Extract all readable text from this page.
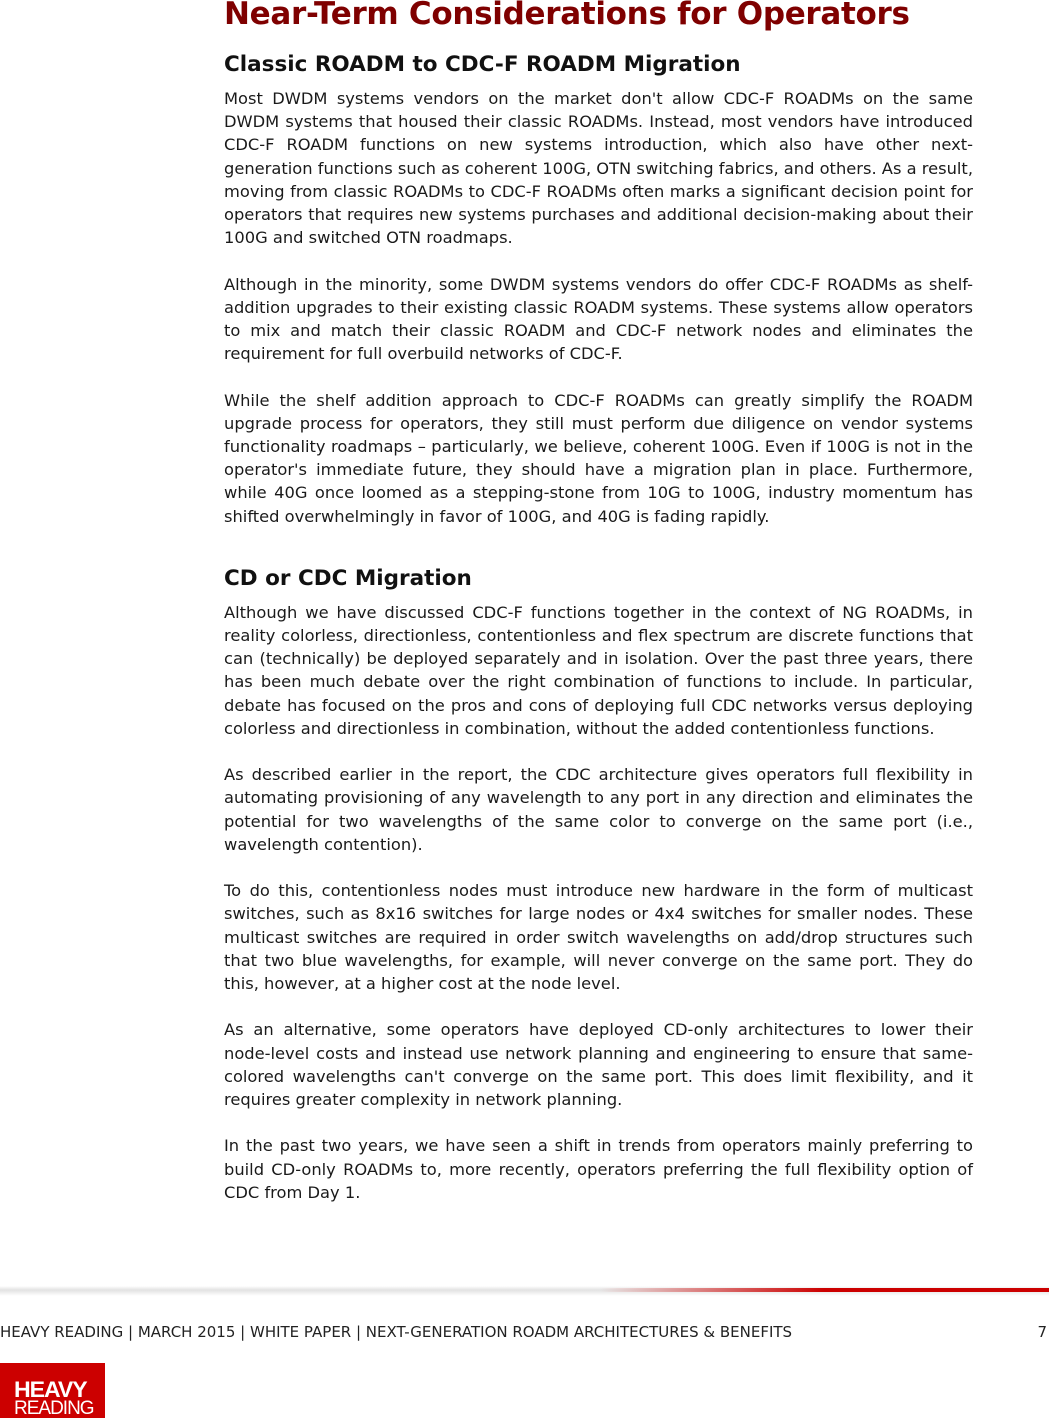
Near-Term Considerations for Operators
Classic ROADM to CDC-F ROADM Migration

Most DWDM systems vendors on the market don't allow CDC-F ROADMs on the same DWDM systems that housed their classic ROADMs. Instead, most vendors have introduced CDC-F ROADM functions on new systems introduction, which also have other next-generation functions such as coherent 100G, OTN switching fabrics, and others. As a result, moving from classic ROADMs to CDC-F ROADMs often marks a significant decision point for operators that requires new systems purchases and additional decision-making about their 100G and switched OTN roadmaps.

Although in the minority, some DWDM systems vendors do offer CDC-F ROADMs as shelf-addition upgrades to their existing classic ROADM systems. These systems allow operators to mix and match their classic ROADM and CDC-F network nodes and eliminates the requirement for full overbuild networks of CDC-F.

While the shelf addition approach to CDC-F ROADMs can greatly simplify the ROADM upgrade process for operators, they still must perform due diligence on vendor systems functionality roadmaps – particularly, we believe, coherent 100G. Even if 100G is not in the operator's immediate future, they should have a migration plan in place. Furthermore, while 40G once loomed as a stepping-stone from 10G to 100G, industry momentum has shifted overwhelmingly in favor of 100G, and 40G is fading rapidly.

CD or CDC Migration

Although we have discussed CDC-F functions together in the context of NG ROADMs, in reality colorless, directionless, contentionless and flex spectrum are discrete functions that can (technically) be deployed separately and in isolation. Over the past three years, there has been much debate over the right combination of functions to include. In particular, debate has focused on the pros and cons of deploying full CDC networks versus deploying colorless and directionless in combination, without the added contentionless functions.

As described earlier in the report, the CDC architecture gives operators full flexibility in automating provisioning of any wavelength to any port in any direction and eliminates the potential for two wavelengths of the same color to converge on the same port (i.e., wavelength contention).

To do this, contentionless nodes must introduce new hardware in the form of multicast switches, such as 8x16 switches for large nodes or 4x4 switches for smaller nodes. These multicast switches are required in order switch wavelengths on add/drop structures such that two blue wavelengths, for example, will never converge on the same port. They do this, however, at a higher cost at the node level.

As an alternative, some operators have deployed CD-only architectures to lower their node-level costs and instead use network planning and engineering to ensure that same-colored wavelengths can't converge on the same port. This does limit flexibility, and it requires greater complexity in network planning.

In the past two years, we have seen a shift in trends from operators mainly preferring to build CD-only ROADMs to, more recently, operators preferring the full flexibility option of CDC from Day 1.

HEAVY READING | MARCH 2015 | WHITE PAPER | NEXT-GENERATION ROADM ARCHITECTURES & BENEFITS	7
HEAVY
READING
